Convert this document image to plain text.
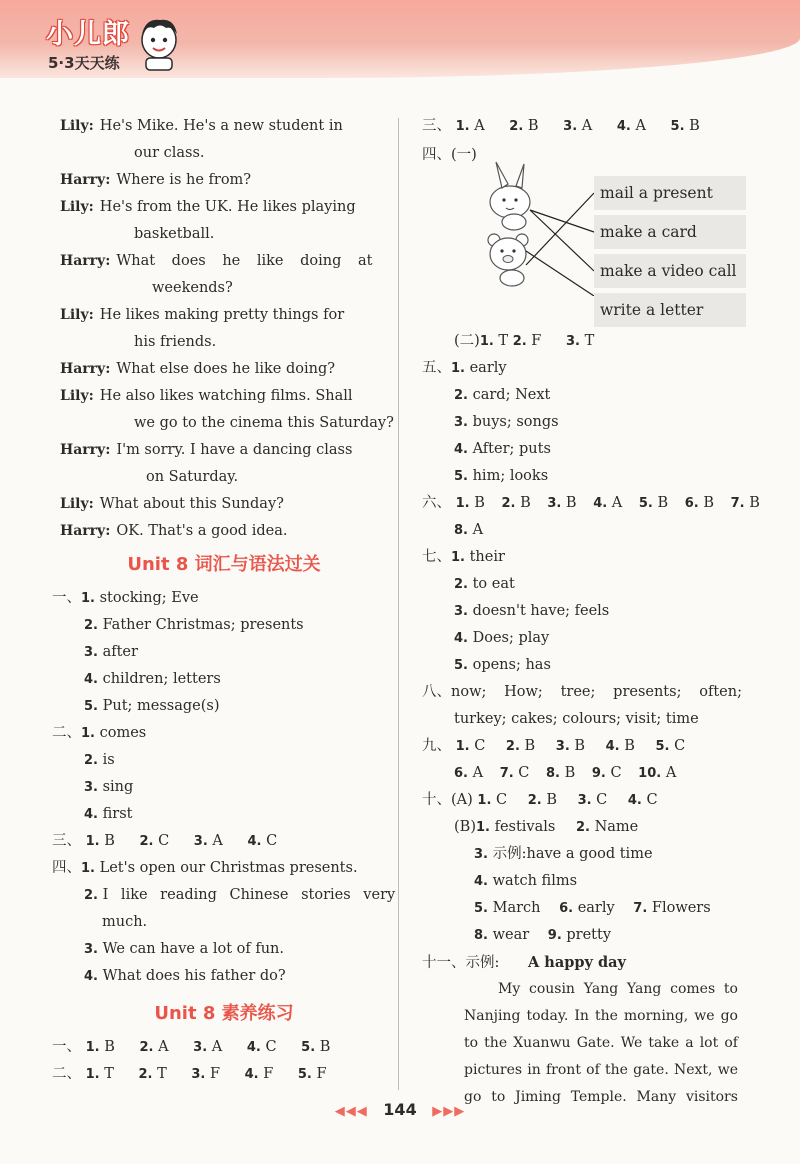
小儿郎
5·3天天练
Lily: He's Mike. He's a new student in
our class.
Harry: Where is he from?
Lily: He's from the UK. He likes playing
basketball.
Harry: What does he like doing at
weekends?
Lily: He likes making pretty things for
his friends.
Harry: What else does he like doing?
Lily: He also likes watching films. Shall
we go to the cinema this Saturday?
Harry: I'm sorry. I have a dancing class
on Saturday.
Lily: What about this Sunday?
Harry: OK. That's a good idea.
Unit 8 词汇与语法过关
一、1. stocking; Eve
2. Father Christmas; presents
3. after
4. children; letters
5. Put; message(s)
二、1. comes
2. is
3. sing
4. first
三、 1. B 2. C 3. A 4. C
四、1. Let's open our Christmas presents.
2. I like reading Chinese stories very
much.
3. We can have a lot of fun.
4. What does his father do?
Unit 8 素养练习
一、 1. B 2. A 3. A 4. C 5. B
二、 1. T 2. T 3. F 4. F 5. F
三、 1. A 2. B 3. A 4. A 5. B
四、(一)
mail a present
make a card
make a video call
write a letter
(二)1. T 2. F 3. T
五、1. early
2. card; Next
3. buys; songs
4. After; puts
5. him; looks
六、 1. B 2. B 3. B 4. A 5. B 6. B 7. B
8. A
七、1. their
2. to eat
3. doesn't have; feels
4. Does; play
5. opens; has
八、now; How; tree; presents; often;
turkey; cakes; colours; visit; time
九、 1. C 2. B 3. B 4. B 5. C
6. A 7. C 8. B 9. C 10. A
十、(A) 1. C 2. B 3. C 4. C
(B)1. festivals 2. Name
3. 示例:have a good time
4. watch films
5. March 6. early 7. Flowers
8. wear 9. pretty
十一、示例: A happy day
My cousin Yang Yang comes to
Nanjing today. In the morning, we go
to the Xuanwu Gate. We take a lot of
pictures in front of the gate. Next, we
go to Jiming Temple. Many visitors
◀◀◀ 144 ▶▶▶
